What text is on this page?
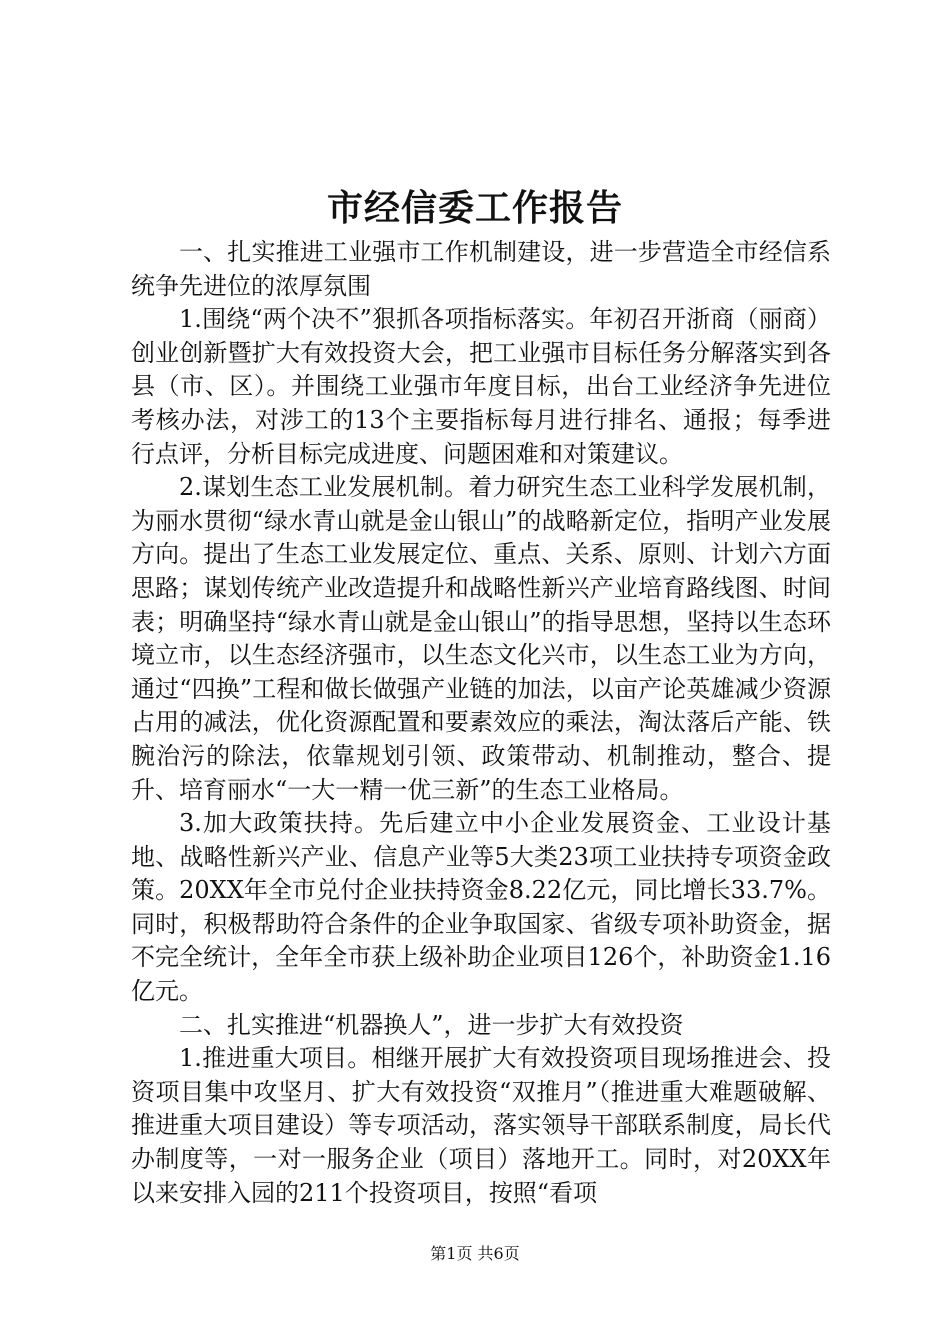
市经信委工作报告

一、扎实推进工业强市工作机制建设，进一步营造全市经信系统争先进位的浓厚氛围

1.围绕“两个决不”狠抓各项指标落实。年初召开浙商（丽商）创业创新暨扩大有效投资大会，把工业强市目标任务分解落实到各县（市、区）。并围绕工业强市年度目标，出台工业经济争先进位考核办法，对涉工的13个主要指标每月进行排名、通报；每季进行点评，分析目标完成进度、问题困难和对策建议。

2.谋划生态工业发展机制。着力研究生态工业科学发展机制，为丽水贯彻“绿水青山就是金山银山”的战略新定位，指明产业发展方向。提出了生态工业发展定位、重点、关系、原则、计划六方面思路；谋划传统产业改造提升和战略性新兴产业培育路线图、时间表；明确坚持“绿水青山就是金山银山”的指导思想，坚持以生态环境立市，以生态经济强市，以生态文化兴市，以生态工业为方向，通过“四换”工程和做长做强产业链的加法，以亩产论英雄减少资源占用的减法，优化资源配置和要素效应的乘法，淘汰落后产能、铁腕治污的除法，依靠规划引领、政策带动、机制推动，整合、提升、培育丽水“一大一精一优三新”的生态工业格局。

3.加大政策扶持。先后建立中小企业发展资金、工业设计基地、战略性新兴产业、信息产业等5大类23项工业扶持专项资金政策。20XX年全市兑付企业扶持资金8.22亿元，同比增长33.7%。同时，积极帮助符合条件的企业争取国家、省级专项补助资金，据不完全统计，全年全市获上级补助企业项目126个，补助资金1.16亿元。

二、扎实推进“机器换人”，进一步扩大有效投资

1.推进重大项目。相继开展扩大有效投资项目现场推进会、投资项目集中攻坚月、扩大有效投资“双推月”（推进重大难题破解、推进重大项目建设）等专项活动，落实领导干部联系制度，局长代办制度等，一对一服务企业（项目）落地开工。同时，对20XX年以来安排入园的211个投资项目，按照“看项

第1页 共6页
